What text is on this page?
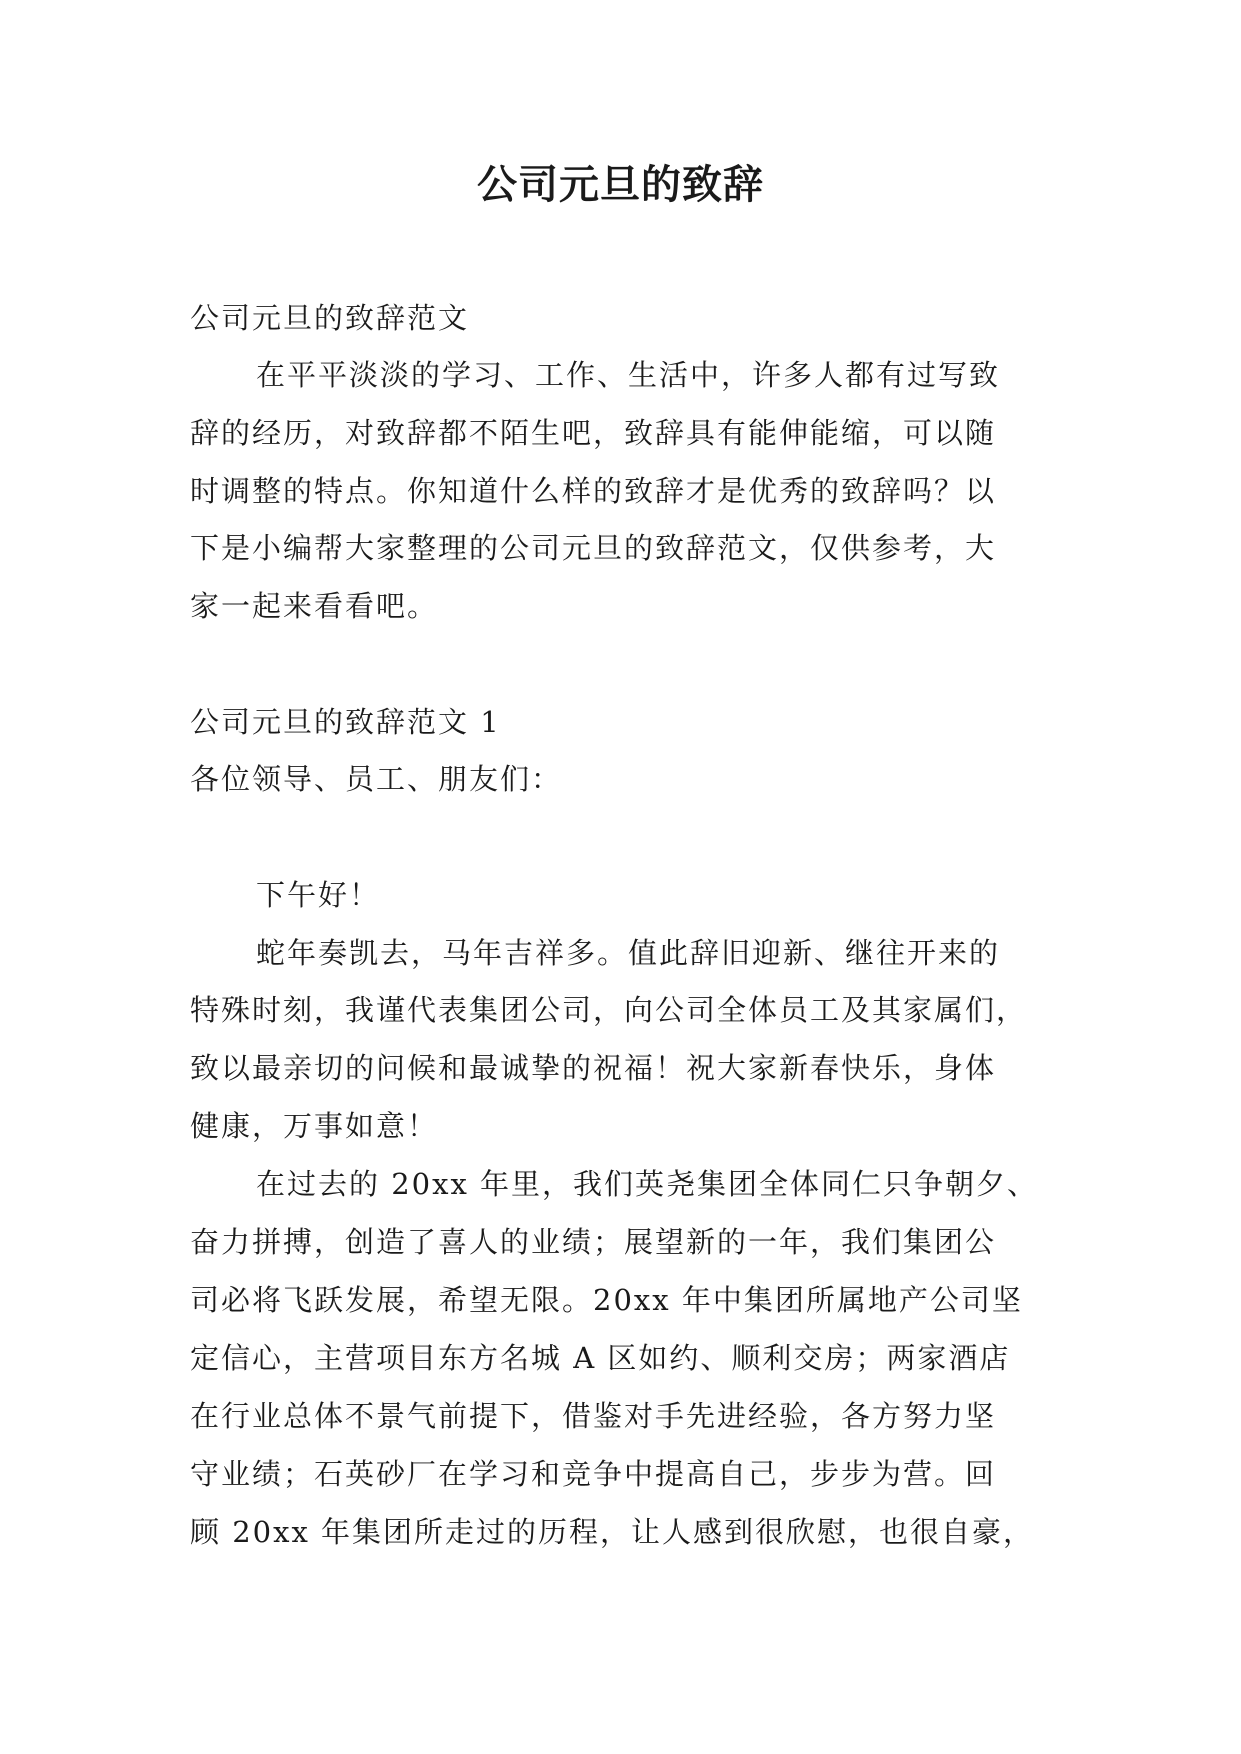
公司元旦的致辞
公司元旦的致辞范文
在平平淡淡的学习、工作、生活中，许多人都有过写致
辞的经历，对致辞都不陌生吧，致辞具有能伸能缩，可以随
时调整的特点。你知道什么样的致辞才是优秀的致辞吗？以
下是小编帮大家整理的公司元旦的致辞范文，仅供参考，大
家一起来看看吧。
公司元旦的致辞范文 1
各位领导、员工、朋友们：
下午好！
蛇年奏凯去，马年吉祥多。值此辞旧迎新、继往开来的
特殊时刻，我谨代表集团公司，向公司全体员工及其家属们，
致以最亲切的问候和最诚挚的祝福！祝大家新春快乐，身体
健康，万事如意！
在过去的 20xx 年里，我们英尧集团全体同仁只争朝夕、
奋力拼搏，创造了喜人的业绩；展望新的一年，我们集团公
司必将飞跃发展，希望无限。20xx 年中集团所属地产公司坚
定信心，主营项目东方名城 A 区如约、顺利交房；两家酒店
在行业总体不景气前提下，借鉴对手先进经验，各方努力坚
守业绩；石英砂厂在学习和竞争中提高自己，步步为营。回
顾 20xx 年集团所走过的历程，让人感到很欣慰，也很自豪，
